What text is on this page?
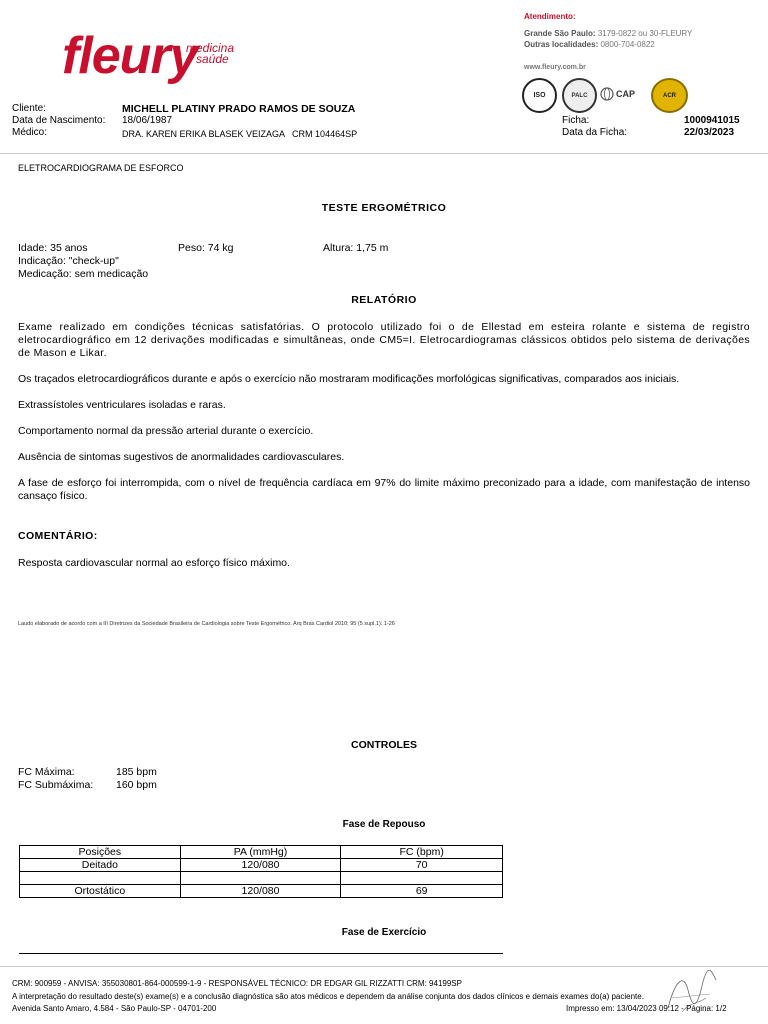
fleury
medicina
e saúde
Atendimento:
Grande São Paulo: 3179-0822 ou 30-FLEURY
Outras localidades: 0800-704-0822
www.fleury.com.br
ISO	PALC	CAP	ACR
Cliente:	MICHELL PLATINY PRADO RAMOS DE SOUZA
Data de Nascimento: 18/06/1987
Médico:	DRA. KAREN ERIKA BLASEK VEIZAGA   CRM 104464SP
Ficha:	1000941015
Data da Ficha:	22/03/2023
ELETROCARDIOGRAMA DE ESFORCO
TESTE ERGOMÉTRICO
Idade: 35 anos	Peso: 74 kg	Altura: 1,75 m
Indicação: "check-up"
Medicação: sem medicação
RELATÓRIO
Exame realizado em condições técnicas satisfatórias. O protocolo utilizado foi o de Ellestad em esteira rolante e sistema de registro eletrocardiográfico em 12 derivações modificadas e simultâneas, onde CM5=I. Eletrocardiogramas clássicos obtidos pelo sistema de derivações de Mason e Likar.
Os traçados eletrocardiográficos durante e após o exercício não mostraram modificações morfológicas significativas, comparados aos iniciais.
Extrassístoles ventriculares isoladas e raras.
Comportamento normal da pressão arterial durante o exercício.
Ausência de sintomas sugestivos de anormalidades cardiovasculares.
A fase de esforço foi interrompida, com o nível de frequência cardíaca em 97% do limite máximo preconizado para a idade, com manifestação de intenso cansaço físico.
COMENTÁRIO:
Resposta cardiovascular normal ao esforço físico máximo.
Laudo elaborado de acordo com a III Diretrizes da Sociedade Brasileira de Cardiologia sobre Teste Ergométrico. Arq Bras Cardiol 2010; 95 (5 supl.1): 1-26
CONTROLES
FC Máxima:	185 bpm
FC Submáxima: 160 bpm
Fase de Repouso
Posições	PA (mmHg)	FC (bpm)
Deitado	120/080	70

Ortostático	120/080	69
Fase de Exercício
CRM: 900959 - ANVISA: 355030801-864-000599-1-9 - RESPONSÁVEL TÉCNICO: DR EDGAR GIL RIZZATTI CRM: 94199SP
A interpretação do resultado deste(s) exame(s) e a conclusão diagnóstica são atos médicos e dependem da análise conjunta dos dados clínicos e demais exames do(a) paciente.
Avenida Santo Amaro, 4.584 - São Paulo-SP - 04701-200	Impresso em: 13/04/2023 09:12 - Página: 1/2
